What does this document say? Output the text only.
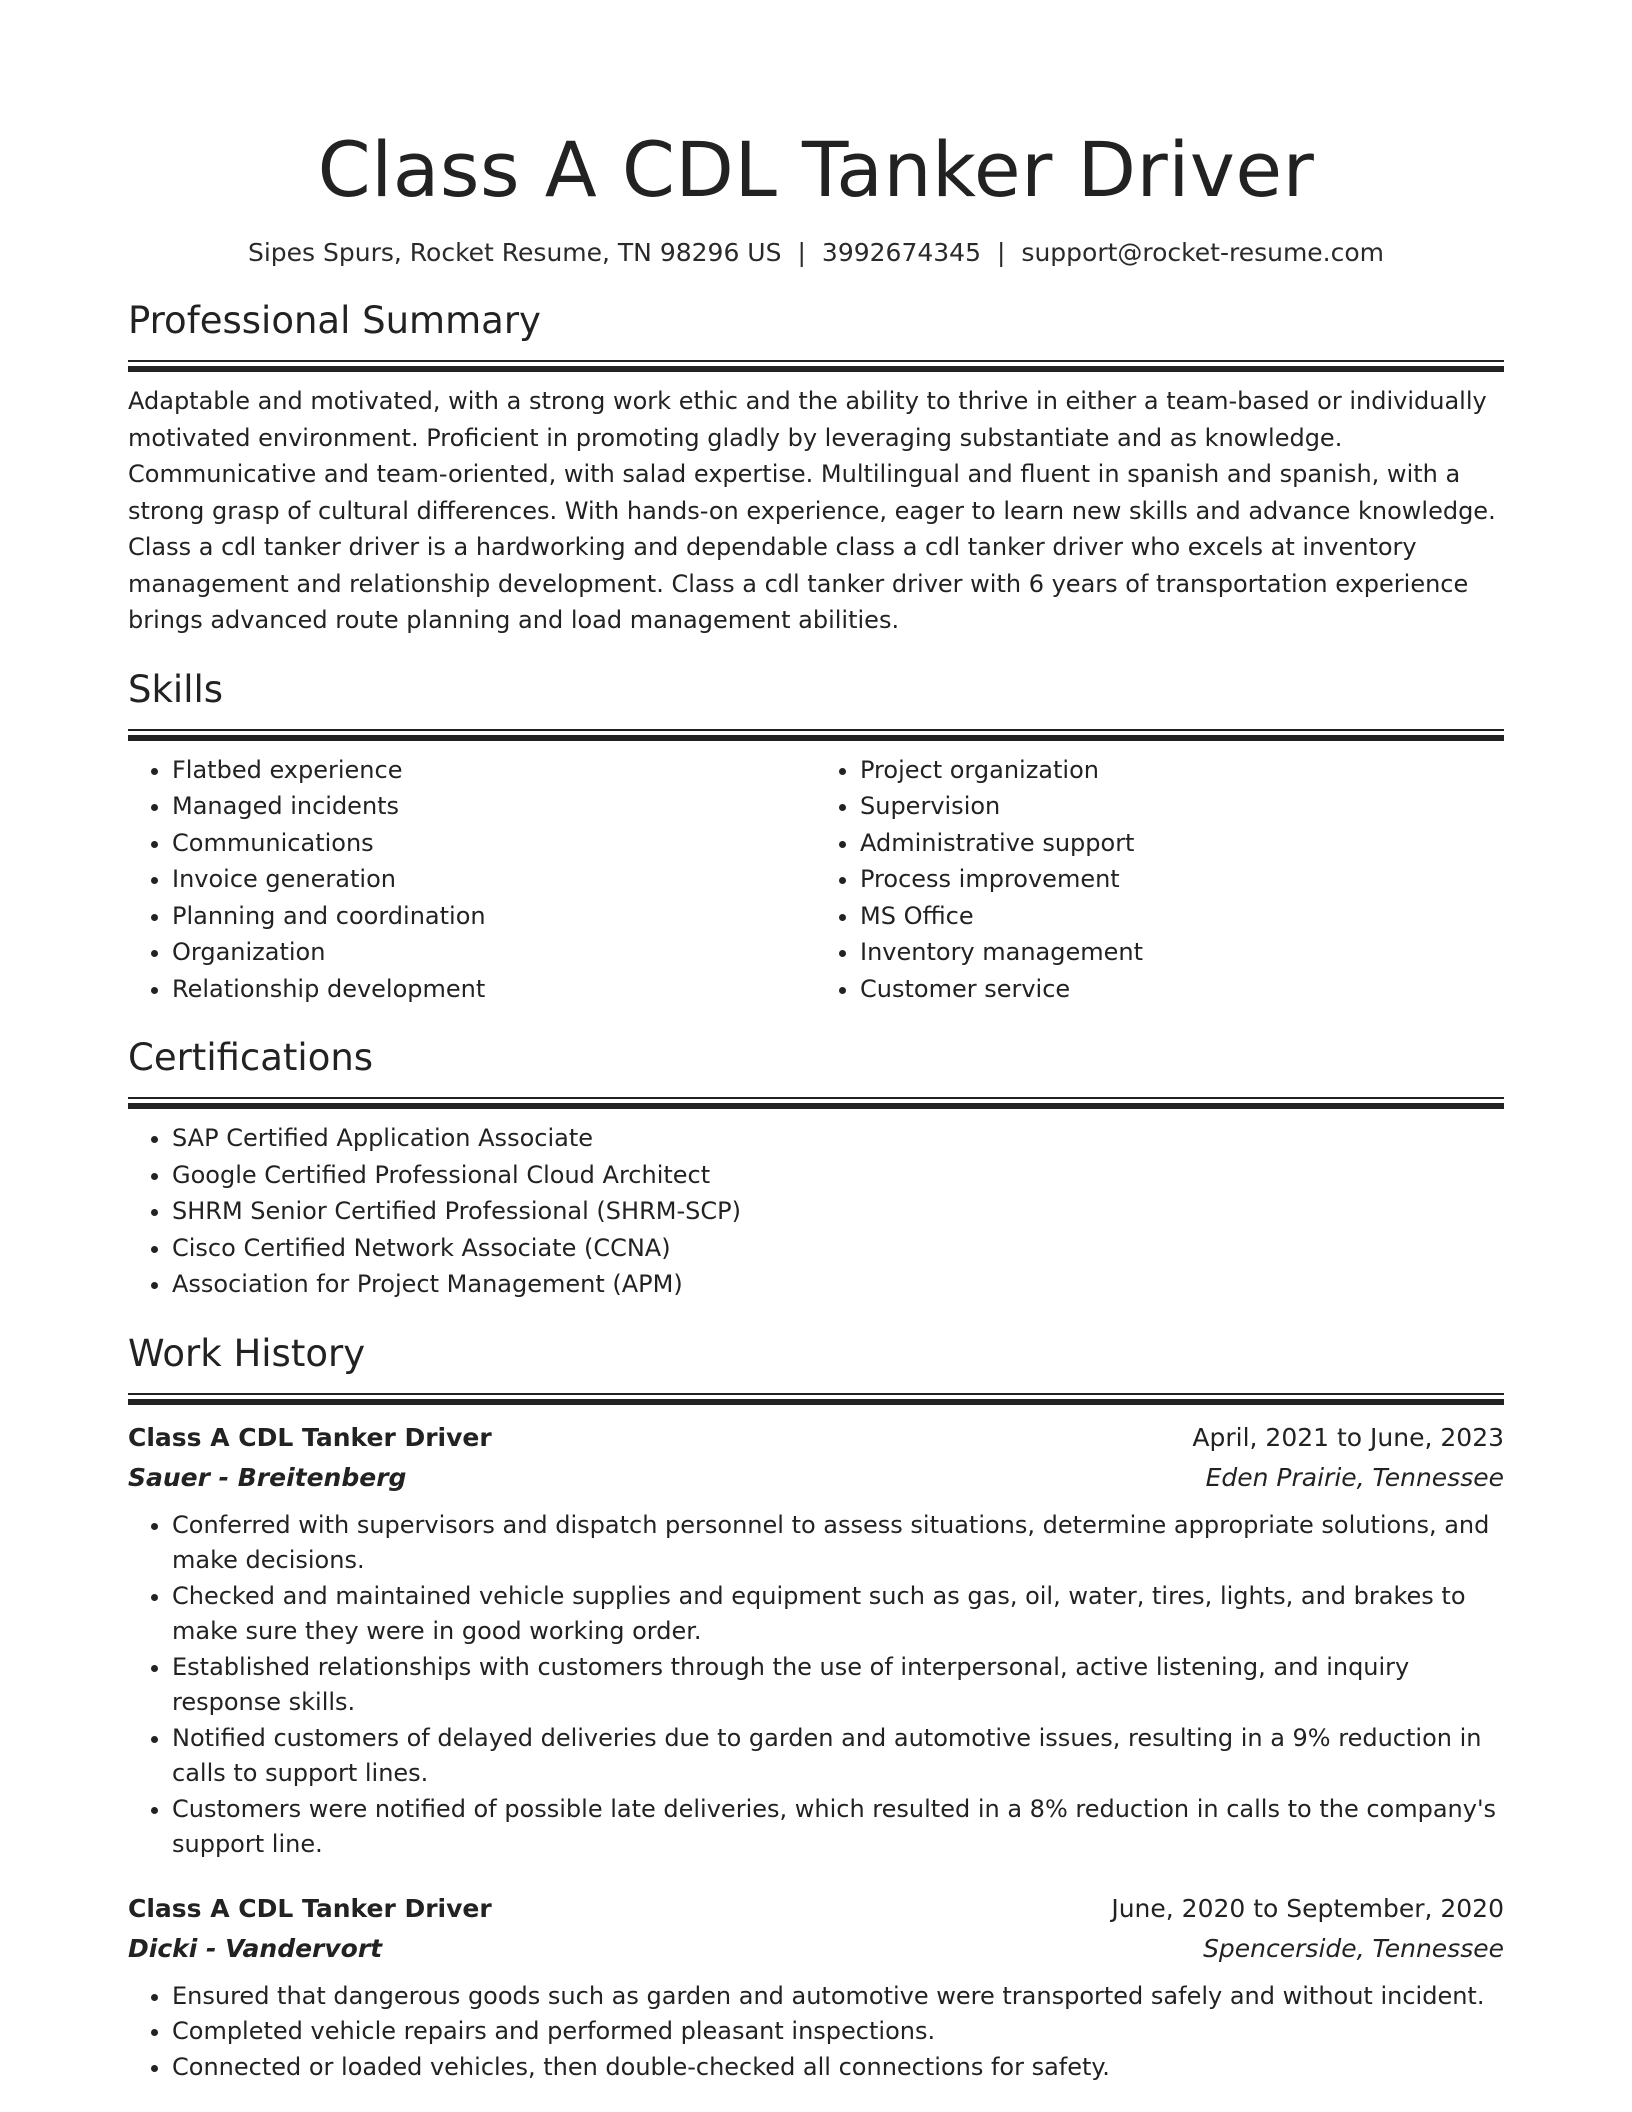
Class A CDL Tanker Driver
Sipes Spurs, Rocket Resume, TN 98296 US | 3992674345 | support@rocket-resume.com
Professional Summary

Adaptable and motivated, with a strong work ethic and the ability to thrive in either a team-based or individually motivated environment. Proficient in promoting gladly by leveraging substantiate and as knowledge. Communicative and team-oriented, with salad expertise. Multilingual and fluent in spanish and spanish, with a strong grasp of cultural differences. With hands-on experience, eager to learn new skills and advance knowledge. Class a cdl tanker driver is a hardworking and dependable class a cdl tanker driver who excels at inventory management and relationship development. Class a cdl tanker driver with 6 years of transportation experience brings advanced route planning and load management abilities.

Skills
• Flatbed experience
• Managed incidents
• Communications
• Invoice generation
• Planning and coordination
• Organization
• Relationship development
• Project organization
• Supervision
• Administrative support
• Process improvement
• MS Office
• Inventory management
• Customer service
Certifications
• SAP Certified Application Associate
• Google Certified Professional Cloud Architect
• SHRM Senior Certified Professional (SHRM-SCP)
• Cisco Certified Network Associate (CCNA)
• Association for Project Management (APM)
Work History
Class A CDL Tanker Driver	April, 2021 to June, 2023
Sauer - Breitenberg	Eden Prairie, Tennessee
• Conferred with supervisors and dispatch personnel to assess situations, determine appropriate solutions, and make decisions.
• Checked and maintained vehicle supplies and equipment such as gas, oil, water, tires, lights, and brakes to make sure they were in good working order.
• Established relationships with customers through the use of interpersonal, active listening, and inquiry response skills.
• Notified customers of delayed deliveries due to garden and automotive issues, resulting in a 9% reduction in calls to support lines.
• Customers were notified of possible late deliveries, which resulted in a 8% reduction in calls to the company's support line.
Class A CDL Tanker Driver	June, 2020 to September, 2020
Dicki - Vandervort	Spencerside, Tennessee
• Ensured that dangerous goods such as garden and automotive were transported safely and without incident.
• Completed vehicle repairs and performed pleasant inspections.
• Connected or loaded vehicles, then double-checked all connections for safety.
